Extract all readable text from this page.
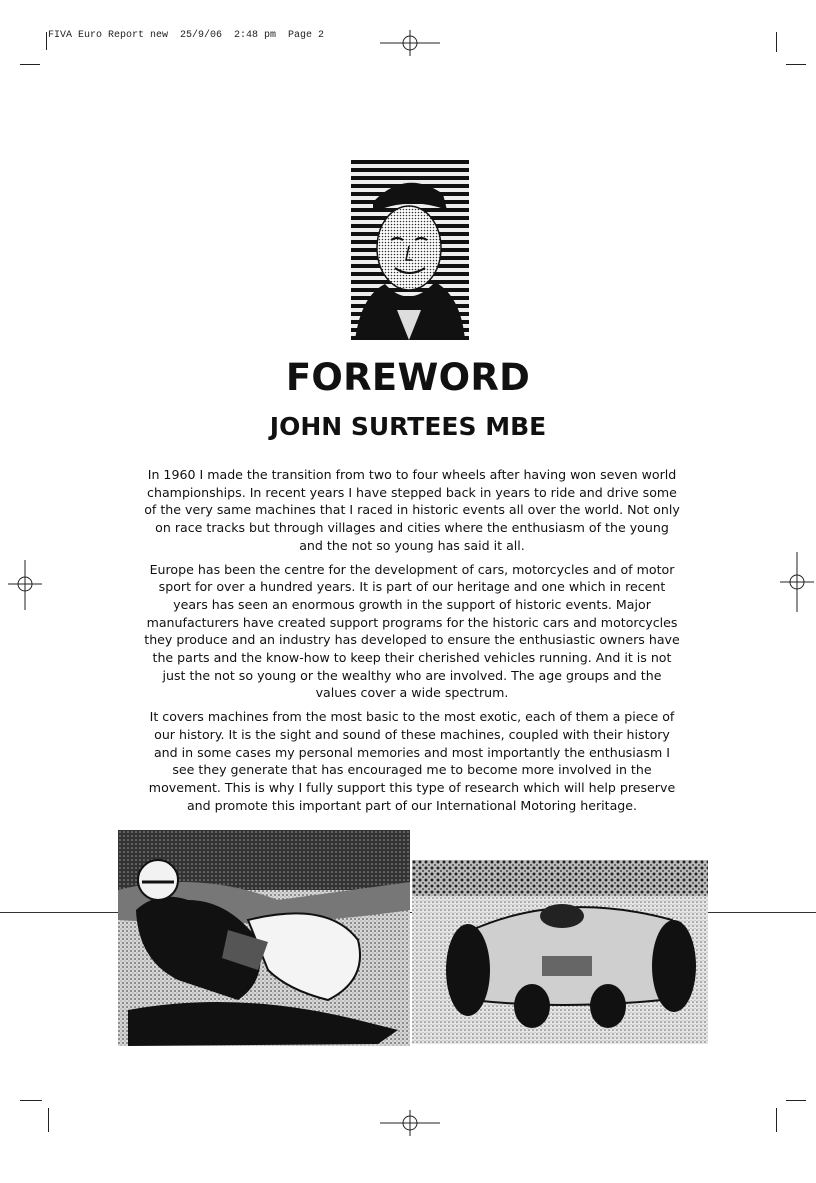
FIVA Euro Report new  25/9/06  2:48 pm  Page 2
FOREWORD
JOHN SURTEES MBE

In 1960 I made the transition from two to four wheels after having won seven world championships. In recent years I have stepped back in years to ride and drive some of the very same machines that I raced in historic events all over the world. Not only on race tracks but through villages and cities where the enthusiasm of the young and the not so young has said it all.

Europe has been the centre for the development of cars, motorcycles and of motor sport for over a hundred years. It is part of our heritage and one which in recent years has seen an enormous growth in the support of historic events. Major manufacturers have created support programs for the historic cars and motorcycles they produce and an industry has developed to ensure the enthusiastic owners have the parts and the know-how to keep their cherished vehicles running. And it is not just the not so young or the wealthy who are involved. The age groups and the values cover a wide spectrum.

It covers machines from the most basic to the most exotic, each of them a piece of our history. It is the sight and sound of these machines, coupled with their history and in some cases my personal memories and most importantly the enthusiasm I see they generate that has encouraged me to become more involved in the movement. This is why I fully support this type of research which will help preserve and promote this important part of our International Motoring heritage.
